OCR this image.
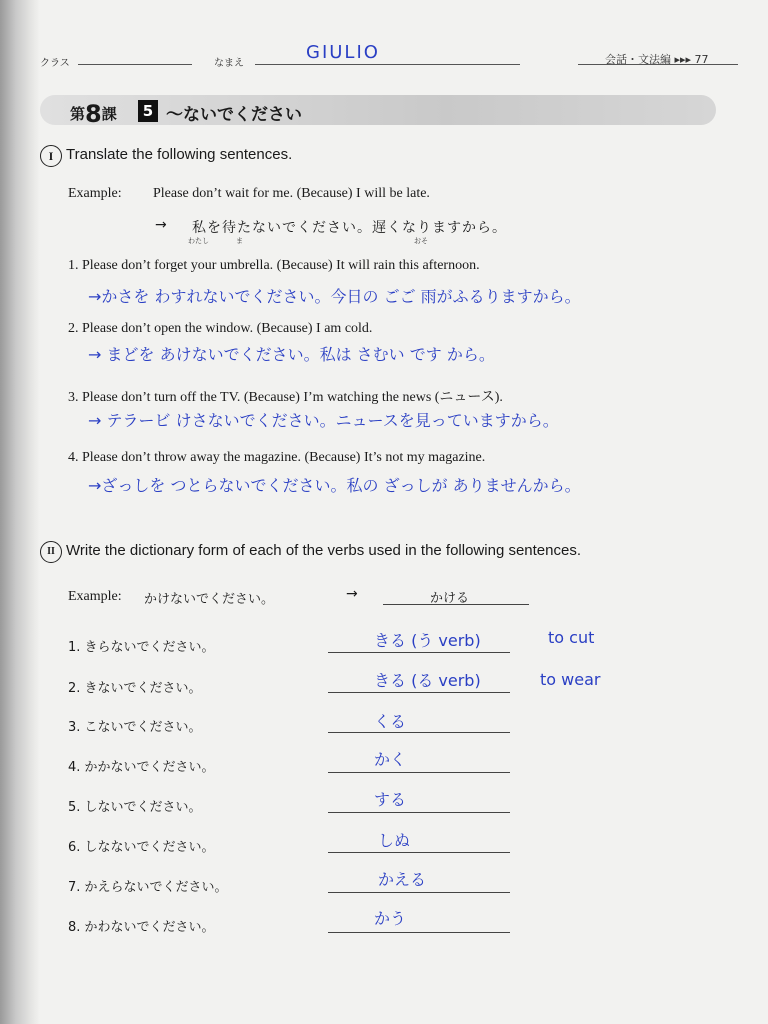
クラス	なまえ
GIULIO	会話・文法編 ▸▸▸ 77
第8課	5 〜ないでください
I Translate the following sentences.
Example: Please don’t wait for me. (Because) I will be late.
→ 私を待たないでください。遅くなりますから。
わたし	ま	おそ
1. Please don’t forget your umbrella. (Because) It will rain this afternoon.
→かさを わすれないでください。今日の ごご 雨がふるりますから。
2. Please don’t open the window. (Because) I am cold.
→ まどを あけないでください。私は さむい です から。
3. Please don’t turn off the TV. (Because) I’m watching the news (ニュース).
→ テラービ けさないでください。ニュースを見っていますから。
4. Please don’t throw away the magazine. (Because) It’s not my magazine.
→ざっしを つとらないでください。私の ざっしが ありませんから。
II Write the dictionary form of each of the verbs used in the following sentences.
Example: かけないでください。	→	かける
1. きらないでください。	きる (う verb)	to cut
2. きないでください。	きる (る verb)	to wear
3. こないでください。	くる
4. かかないでください。	かく
5. しないでください。	する
6. しなないでください。	しぬ
7. かえらないでください。	かえる
8. かわないでください。	かう
